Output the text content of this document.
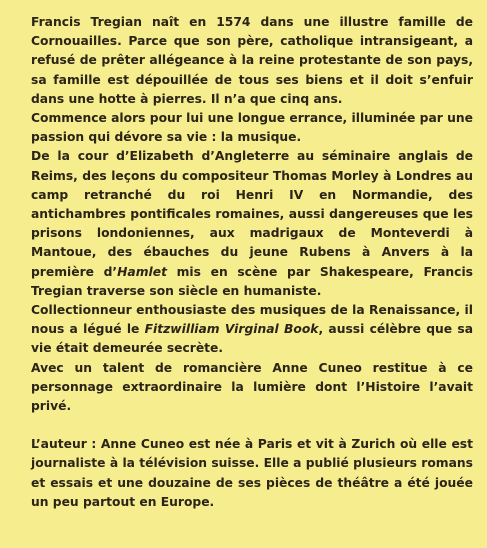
Francis Tregian naît en 1574 dans une illustre famille de Cornouailles. Parce que son père, catholique intransigeant, a refusé de prêter allégeance à la reine protestante de son pays, sa famille est dépouillée de tous ses biens et il doit s’enfuir dans une hotte à pierres. Il n’a que cinq ans.

Commence alors pour lui une longue errance, illuminée par une passion qui dévore sa vie : la musique.

De la cour d’Elizabeth d’Angleterre au séminaire anglais de Reims, des leçons du compositeur Thomas Morley à Londres au camp retranché du roi Henri IV en Normandie, des antichambres pontificales romaines, aussi dangereuses que les prisons londoniennes, aux madrigaux de Monteverdi à Mantoue, des ébauches du jeune Rubens à Anvers à la première d’Hamlet mis en scène par Shakespeare, Francis Tregian traverse son siècle en humaniste.

Collectionneur enthousiaste des musiques de la Renaissance, il nous a légué le Fitzwilliam Virginal Book, aussi célèbre que sa vie était demeurée secrète.

Avec un talent de romancière Anne Cuneo restitue à ce personnage extraordinaire la lumière dont l’Histoire l’avait privé.

L’auteur : Anne Cuneo est née à Paris et vit à Zurich où elle est journaliste à la télévision suisse. Elle a publié plusieurs romans et essais et une douzaine de ses pièces de théâtre a été jouée un peu partout en Europe.
